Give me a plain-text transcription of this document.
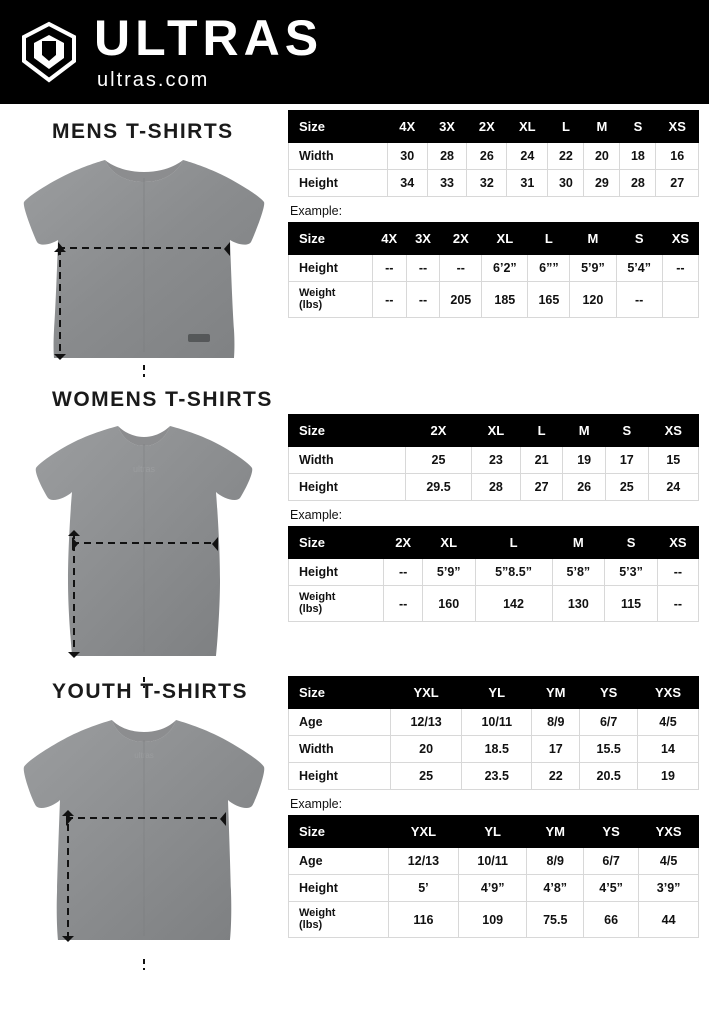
ULTRAS
ultras.com
MENS T-SHIRTS	Size	4X	3X	2X	XL	L	M	S	XS
Width	30	28	26	24	22	20	18	16
Height	34	33	32	31	30	29	28	27
Example:
Size	4X	3X	2X	XL	L	M	S	XS
Height	--	--	--	6’2”	6””	5’9”	5’4”	--

Weight
(lbs)	--	--	205	185	165	120	--	
WOMENS T-SHIRTS
ultras
Size	2X	XL	L	M	S	XS
Width	25	23	21	19	17	15
Height	29.5	28	27	26	25	24
Example:
Size	2X	XL	L	M	S	XS
Height	--	5’9”	5”8.5”	5’8”	5’3”	--

Weight
(lbs)	--	160	142	130	115	--
YOUTH T-SHIRTS
ultras
Size	YXL	YL	YM	YS	YXS
Age	12/13	10/11	8/9	6/7	4/5
Width	20	18.5	17	15.5	14
Height	25	23.5	22	20.5	19
Example:
Size	YXL	YL	YM	YS	YXS
Age	12/13	10/11	8/9	6/7	4/5
Height	5’	4’9”	4’8”	4’5”	3’9”

Weight
(lbs)	116	109	75.5	66	44
